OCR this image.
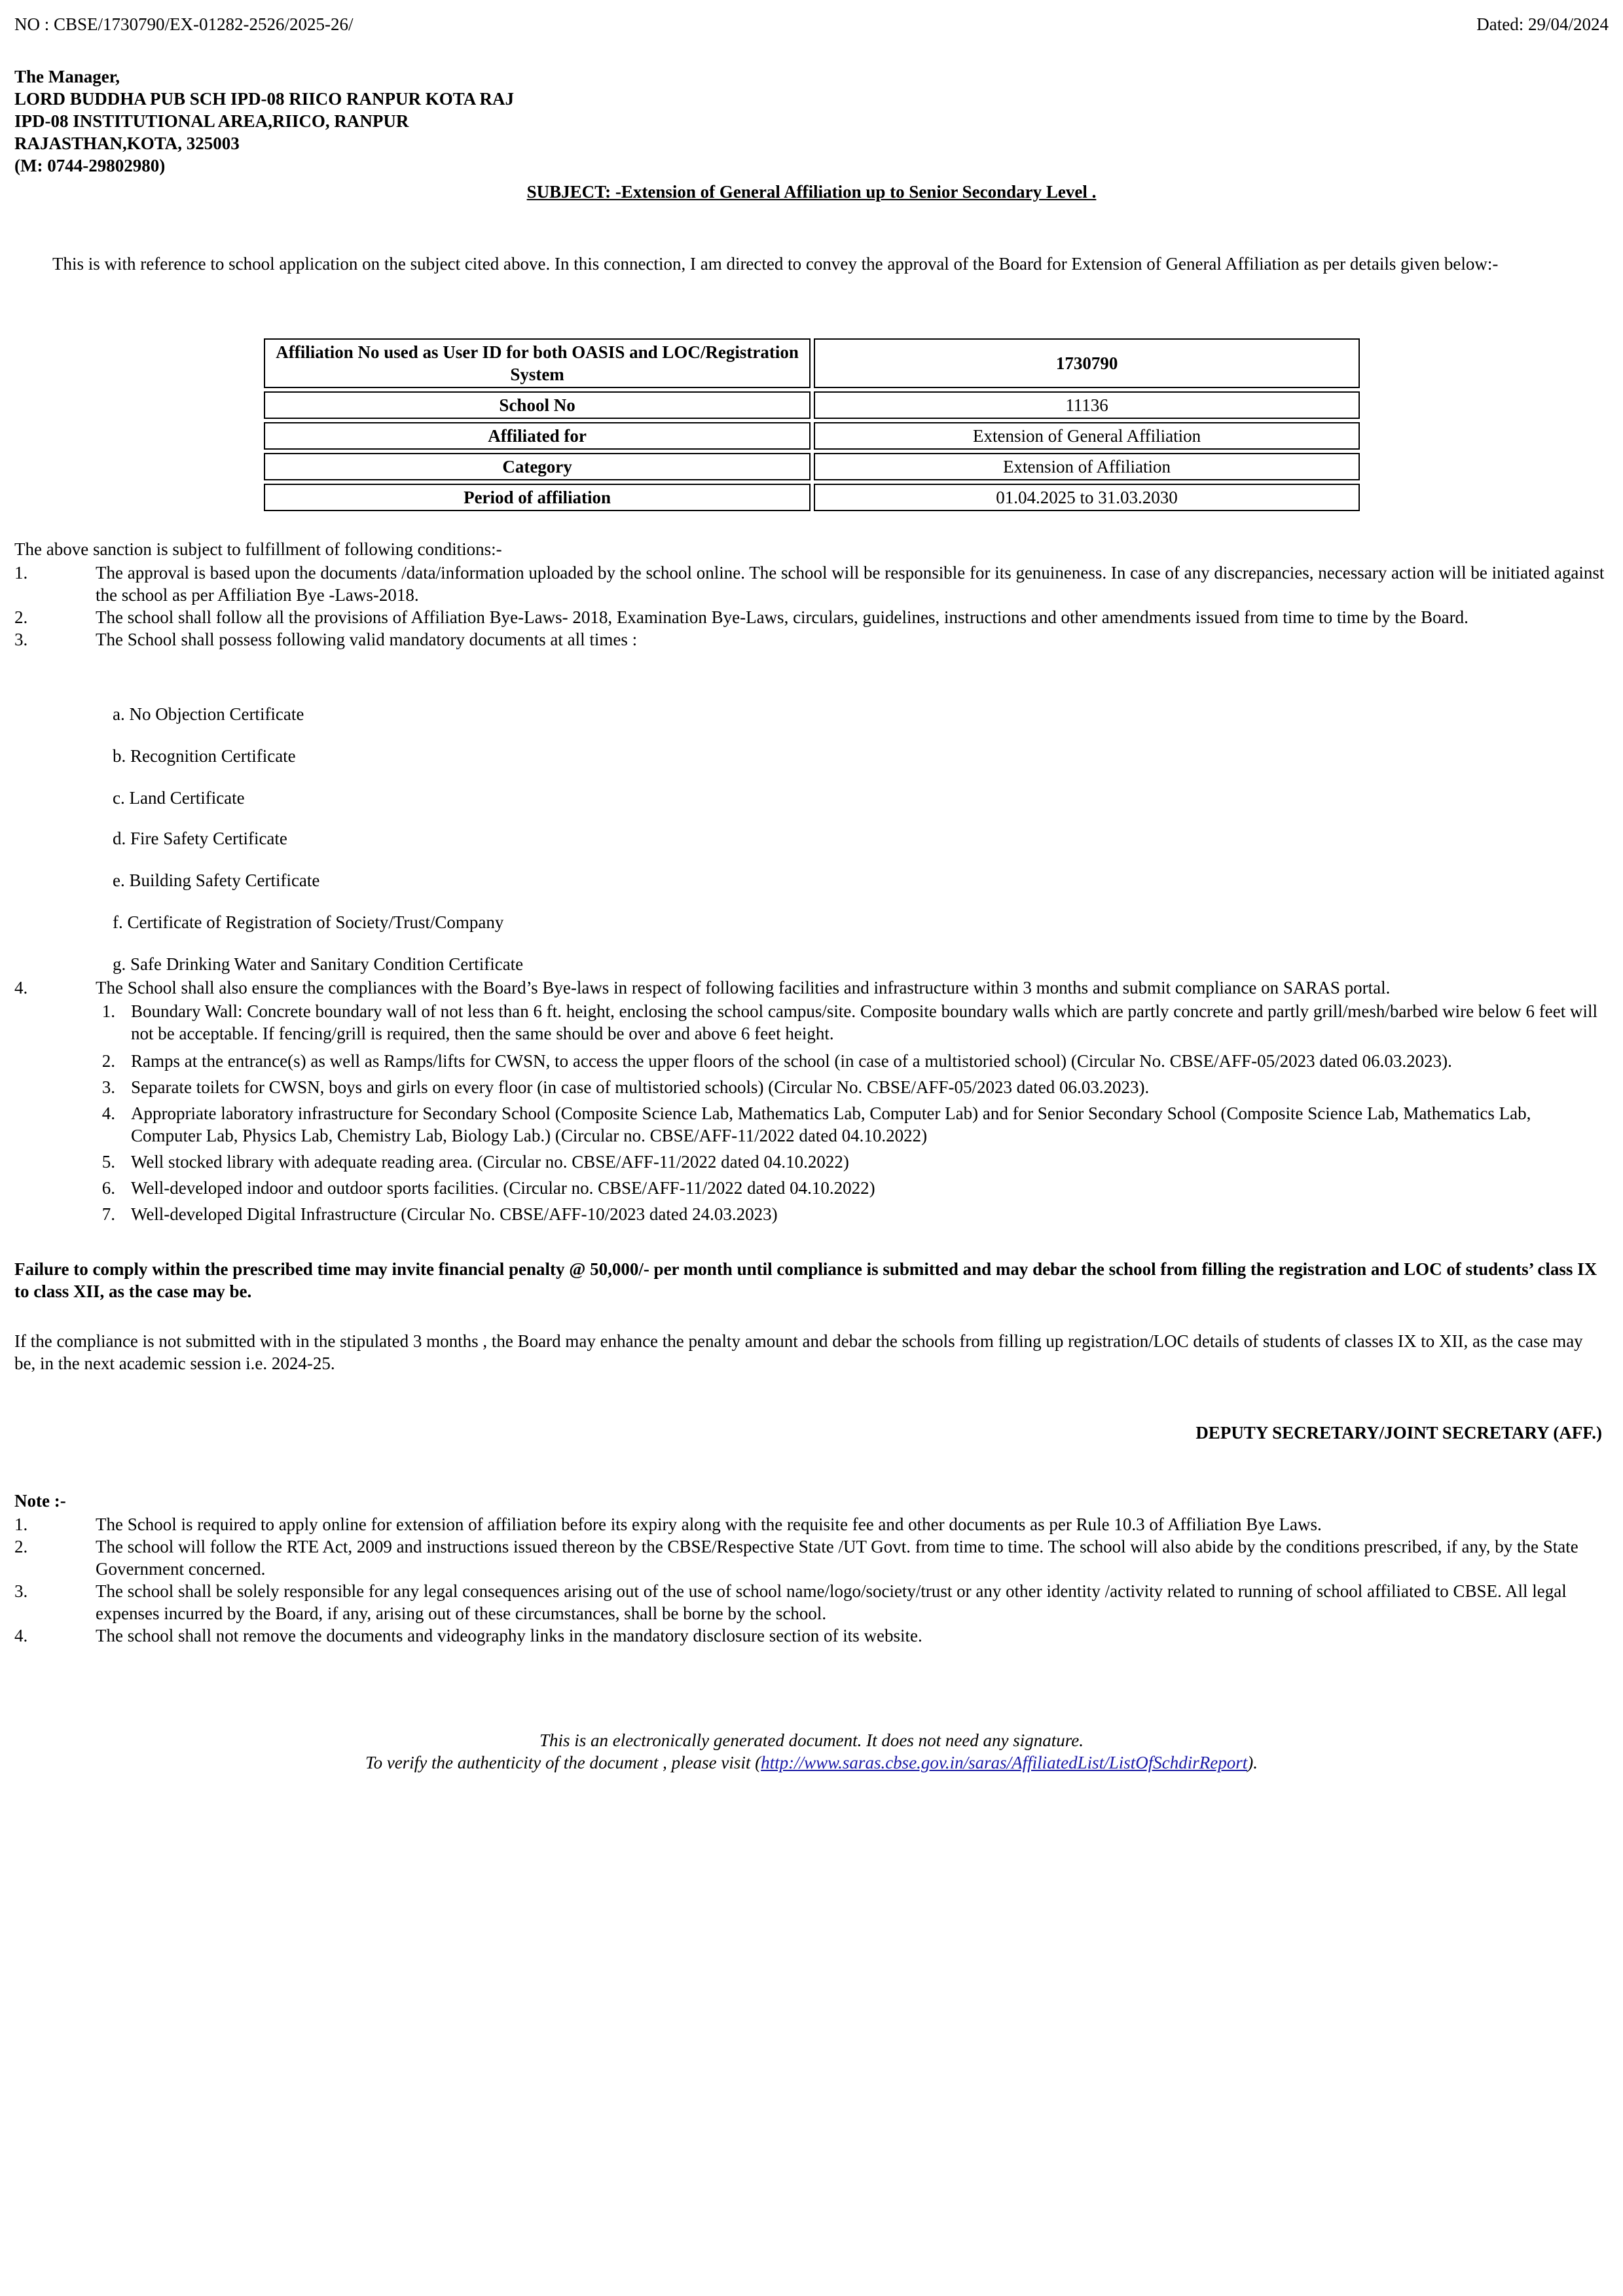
NO : CBSE/1730790/EX-01282-2526/2025-26/	Dated: 29/04/2024
The Manager,
LORD BUDDHA PUB SCH IPD-08 RIICO RANPUR KOTA RAJ
IPD-08 INSTITUTIONAL AREA,RIICO, RANPUR
RAJASTHAN,KOTA, 325003
(M: 0744-29802980)
SUBJECT: -Extension of General Affiliation up to Senior Secondary Level .
This is with reference to school application on the subject cited above. In this connection, I am directed to convey the approval of the Board for Extension of General Affiliation as per details given below:-
Affiliation No used as User ID for both OASIS and LOC/Registration System	1730790
School No	11136
Affiliated for	Extension of General Affiliation
Category	Extension of Affiliation
Period of affiliation	01.04.2025 to 31.03.2030
The above sanction is subject to fulfillment of following conditions:-
1.	The approval is based upon the documents /data/information uploaded by the school online. The school will be responsible for its genuineness. In case of any discrepancies, necessary action will be initiated against the school as per Affiliation Bye -Laws-2018.
2.	The school shall follow all the provisions of Affiliation Bye-Laws- 2018, Examination Bye-Laws, circulars, guidelines, instructions and other amendments issued from time to time by the Board.
3.	The School shall possess following valid mandatory documents at all times :
a. No Objection Certificate
b. Recognition Certificate
c. Land Certificate
d. Fire Safety Certificate
e. Building Safety Certificate
f. Certificate of Registration of Society/Trust/Company
g. Safe Drinking Water and Sanitary Condition Certificate
4.	The School shall also ensure the compliances with the Board’s Bye-laws in respect of following facilities and infrastructure within 3 months and submit compliance on SARAS portal.
1. Boundary Wall: Concrete boundary wall of not less than 6 ft. height, enclosing the school campus/site. Composite boundary walls which are partly concrete and partly grill/mesh/barbed wire below 6 feet will not be acceptable. If fencing/grill is required, then the same should be over and above 6 feet height.
2. Ramps at the entrance(s) as well as Ramps/lifts for CWSN, to access the upper floors of the school (in case of a multistoried school) (Circular No. CBSE/AFF-05/2023 dated 06.03.2023).
3. Separate toilets for CWSN, boys and girls on every floor (in case of multistoried schools) (Circular No. CBSE/AFF-05/2023 dated 06.03.2023).
4. Appropriate laboratory infrastructure for Secondary School (Composite Science Lab, Mathematics Lab, Computer Lab) and for Senior Secondary School (Composite Science Lab, Mathematics Lab, Computer Lab, Physics Lab, Chemistry Lab, Biology Lab.) (Circular no. CBSE/AFF-11/2022 dated 04.10.2022)
5. Well stocked library with adequate reading area. (Circular no. CBSE/AFF-11/2022 dated 04.10.2022)
6. Well-developed indoor and outdoor sports facilities. (Circular no. CBSE/AFF-11/2022 dated 04.10.2022)
7. Well-developed Digital Infrastructure (Circular No. CBSE/AFF-10/2023 dated 24.03.2023)
Failure to comply within the prescribed time may invite financial penalty @ 50,000/- per month until compliance is submitted and may debar the school from filling the registration and LOC of students’ class IX to class XII, as the case may be.
If the compliance is not submitted with in the stipulated 3 months , the Board may enhance the penalty amount and debar the schools from filling up registration/LOC details of students of classes IX to XII, as the case may be, in the next academic session i.e. 2024-25.
DEPUTY SECRETARY/JOINT SECRETARY (AFF.)
Note :-
1.	The School is required to apply online for extension of affiliation before its expiry along with the requisite fee and other documents as per Rule 10.3 of Affiliation Bye Laws.
2.	The school will follow the RTE Act, 2009 and instructions issued thereon by the CBSE/Respective State /UT Govt. from time to time. The school will also abide by the conditions prescribed, if any, by the State Government concerned.
3.	The school shall be solely responsible for any legal consequences arising out of the use of school name/logo/society/trust or any other identity /activity related to running of school affiliated to CBSE. All legal expenses incurred by the Board, if any, arising out of these circumstances, shall be borne by the school.
4.	The school shall not remove the documents and videography links in the mandatory disclosure section of its website.
This is an electronically generated document. It does not need any signature.
To verify the authenticity of the document , please visit (http://www.saras.cbse.gov.in/saras/AffiliatedList/ListOfSchdirReport).
